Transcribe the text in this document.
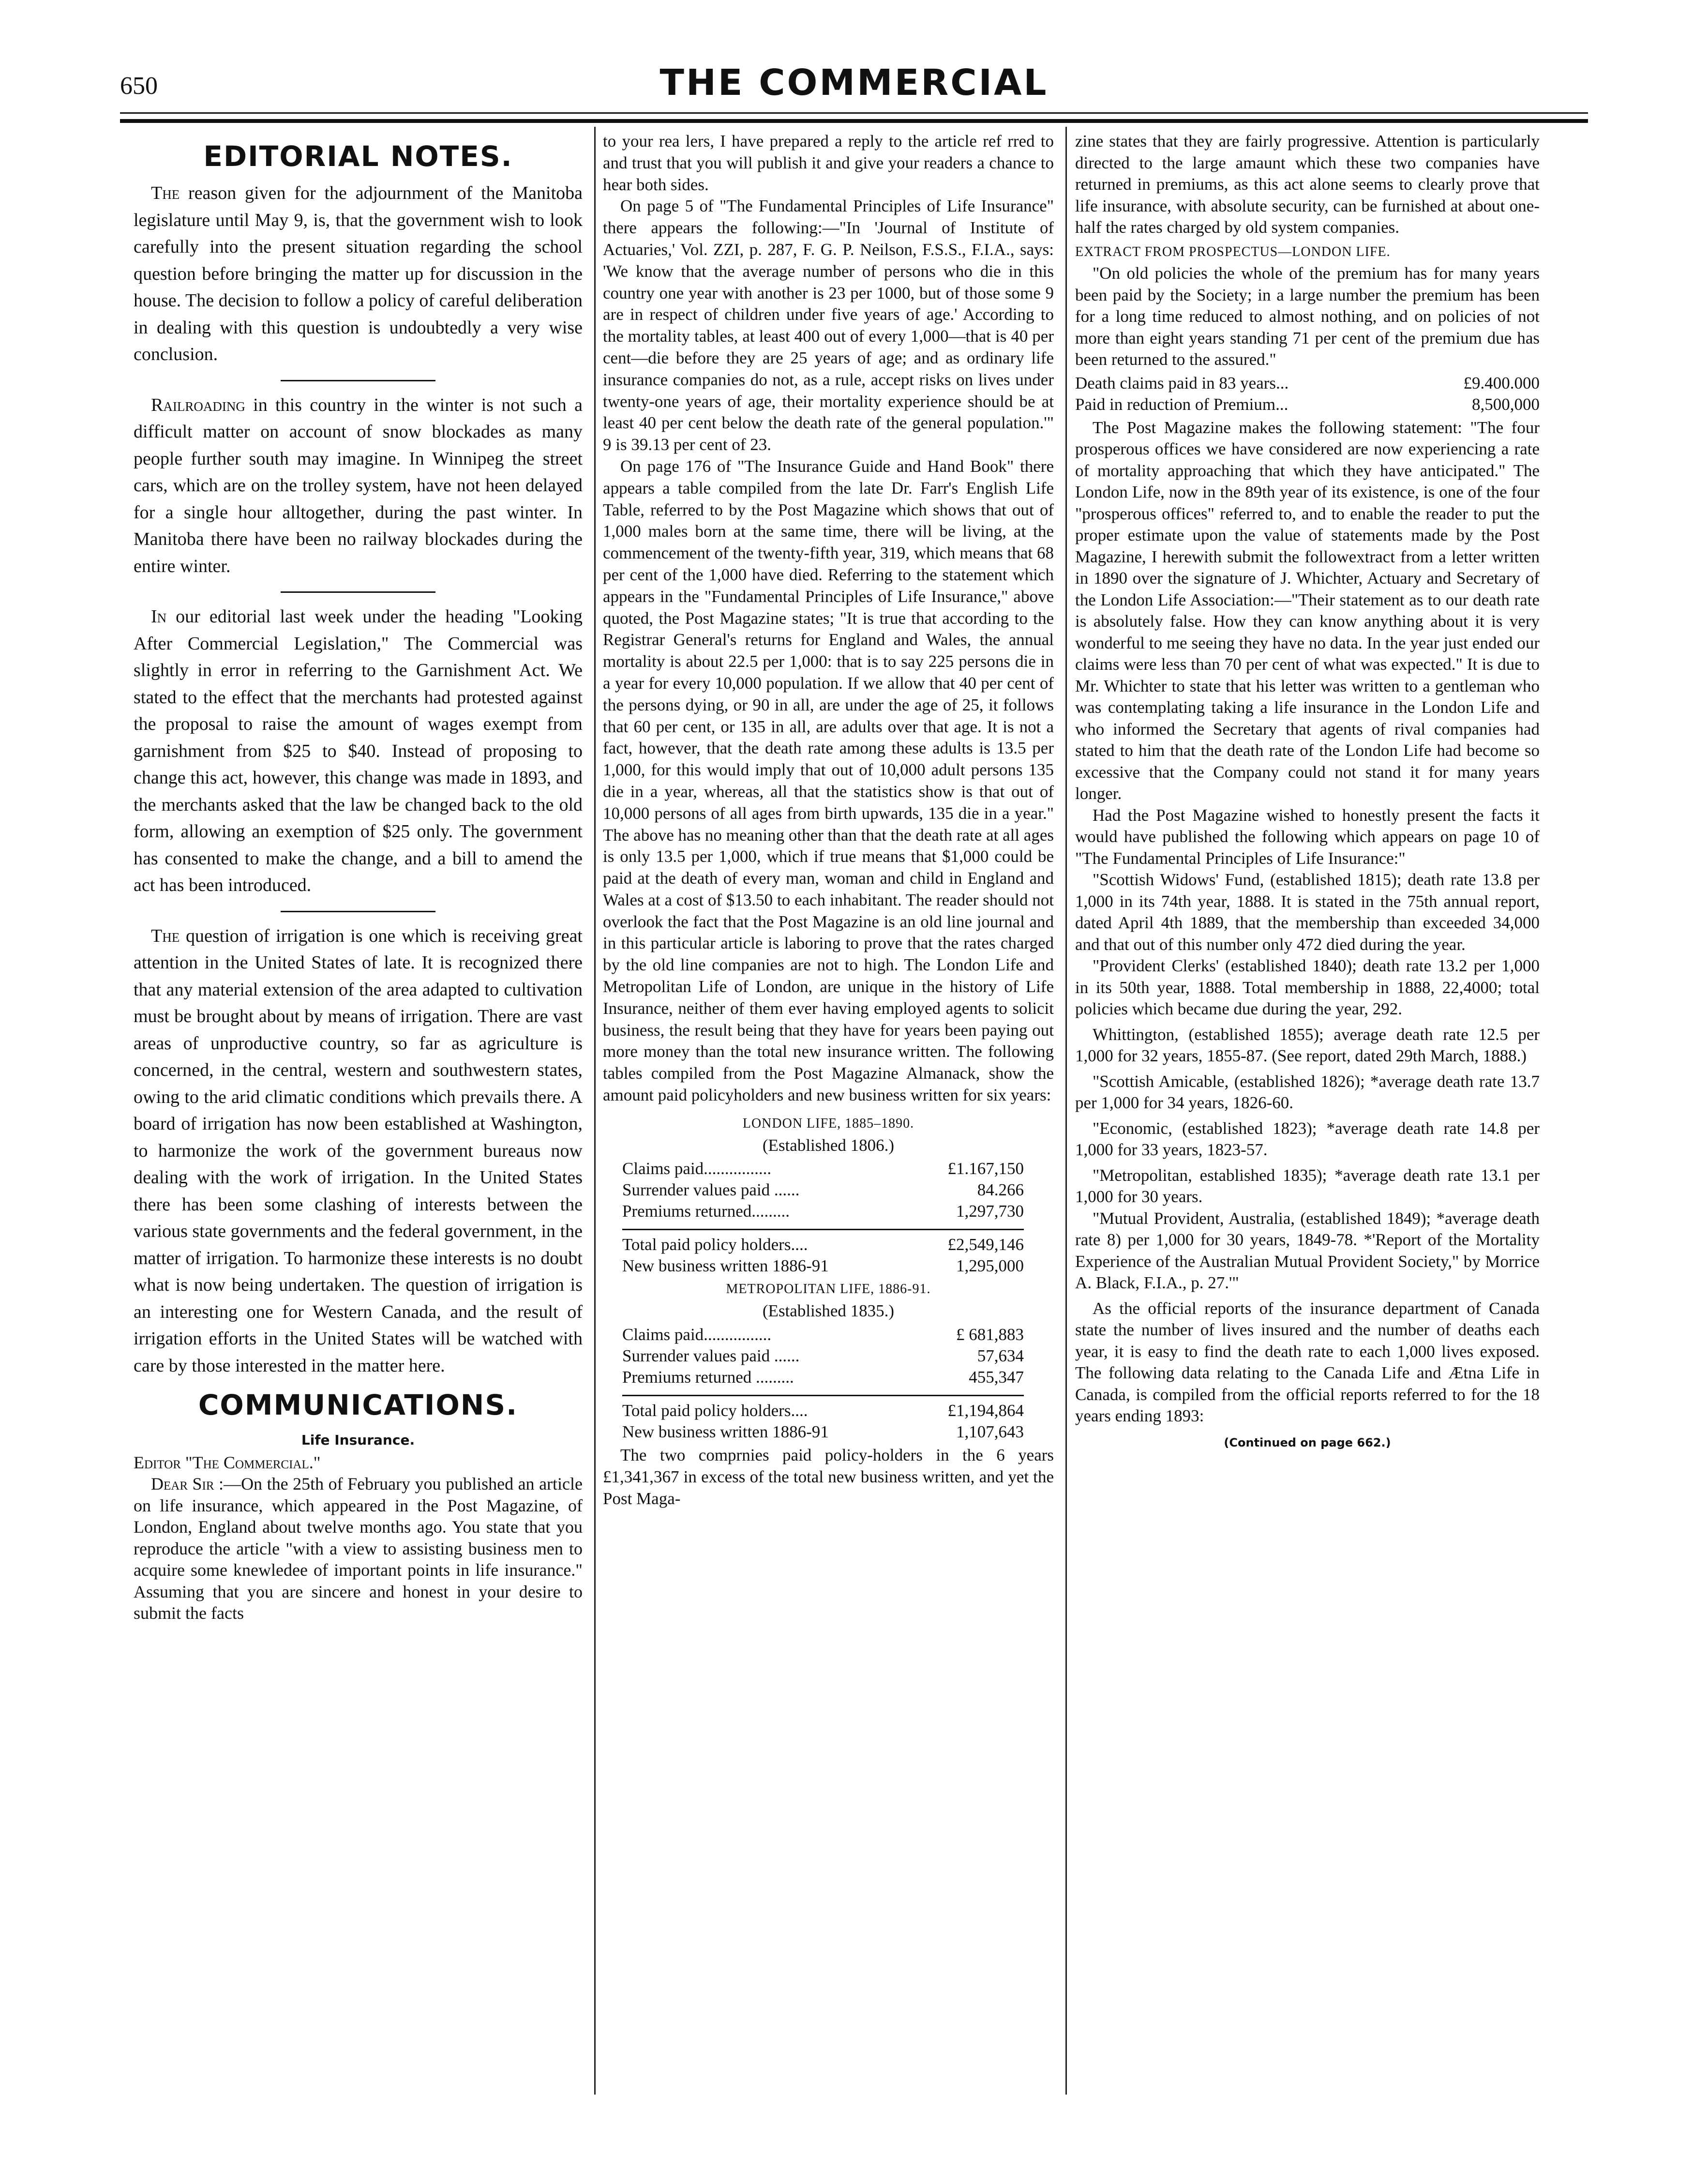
650	THE COMMERCIAL
EDITORIAL NOTES.

The reason given for the adjournment of the Manitoba legislature until May 9, is, that the government wish to look carefully into the present situation regarding the school question before bringing the matter up for discussion in the house. The decision to follow a policy of careful deliberation in dealing with this question is undoubtedly a very wise conclusion.

Railroading in this country in the winter is not such a difficult matter on account of snow blockades as many people further south may imagine. In Winnipeg the street cars, which are on the trolley system, have not heen delayed for a single hour alltogether, during the past winter. In Manitoba there have been no railway blockades during the entire winter.

In our editorial last week under the heading "Looking After Commercial Legislation," The Commercial was slightly in error in referring to the Garnishment Act. We stated to the effect that the merchants had protested against the proposal to raise the amount of wages exempt from garnishment from $25 to $40. Instead of proposing to change this act, however, this change was made in 1893, and the merchants asked that the law be changed back to the old form, allowing an exemption of $25 only. The government has consented to make the change, and a bill to amend the act has been introduced.

The question of irrigation is one which is receiving great attention in the United States of late. It is recognized there that any material extension of the area adapted to cultivation must be brought about by means of irrigation. There are vast areas of unproductive country, so far as agriculture is concerned, in the central, western and southwestern states, owing to the arid climatic conditions which prevails there. A board of irrigation has now been established at Washington, to harmonize the work of the government bureaus now dealing with the work of irrigation. In the United States there has been some clashing of interests between the various state governments and the federal government, in the matter of irrigation. To harmonize these interests is no doubt what is now being undertaken. The question of irrigation is an interesting one for Western Canada, and the result of irrigation efforts in the United States will be watched with care by those interested in the matter here.

COMMUNICATIONS.
Life Insurance.

Editor "The Commercial."

Dear Sir :—On the 25th of February you published an article on life insurance, which appeared in the Post Magazine, of London, England about twelve months ago. You state that you reproduce the article "with a view to assisting business men to acquire some knewledee of important points in life insurance." Assuming that you are sincere and honest in your desire to submit the facts

to your rea lers, I have prepared a reply to the article ref rred to and trust that you will publish it and give your readers a chance to hear both sides.

On page 5 of "The Fundamental Principles of Life Insurance" there appears the following:—"In 'Journal of Institute of Actuaries,' Vol. ZZI, p. 287, F. G. P. Neilson, F.S.S., F.I.A., says: 'We know that the average number of persons who die in this country one year with another is 23 per 1000, but of those some 9 are in respect of children under five years of age.' According to the mortality tables, at least 400 out of every 1,000—that is 40 per cent—die before they are 25 years of age; and as ordinary life insurance companies do not, as a rule, accept risks on lives under twenty-one years of age, their mortality experience should be at least 40 per cent below the death rate of the general population.'" 9 is 39.13 per cent of 23.

On page 176 of "The Insurance Guide and Hand Book" there appears a table compiled from the late Dr. Farr's English Life Table, referred to by the Post Magazine which shows that out of 1,000 males born at the same time, there will be living, at the commencement of the twenty-fifth year, 319, which means that 68 per cent of the 1,000 have died. Referring to the statement which appears in the "Fundamental Principles of Life Insurance," above quoted, the Post Magazine states; "It is true that according to the Registrar General's returns for England and Wales, the annual mortality is about 22.5 per 1,000: that is to say 225 persons die in a year for every 10,000 population. If we allow that 40 per cent of the persons dying, or 90 in all, are under the age of 25, it follows that 60 per cent, or 135 in all, are adults over that age. It is not a fact, however, that the death rate among these adults is 13.5 per 1,000, for this would imply that out of 10,000 adult persons 135 die in a year, whereas, all that the statistics show is that out of 10,000 persons of all ages from birth upwards, 135 die in a year." The above has no meaning other than that the death rate at all ages is only 13.5 per 1,000, which if true means that $1,000 could be paid at the death of every man, woman and child in England and Wales at a cost of $13.50 to each inhabitant. The reader should not overlook the fact that the Post Magazine is an old line journal and in this particular article is laboring to prove that the rates charged by the old line companies are not to high. The London Life and Metropolitan Life of London, are unique in the history of Life Insurance, neither of them ever having employed agents to solicit business, the result being that they have for years been paying out more money than the total new insurance written. The following tables compiled from the Post Magazine Almanack, show the amount paid policyholders and new business written for six years:

LONDON LIFE, 1885–1890.
(Established 1806.)
Claims paid................	£1.167,150
Surrender values paid ......	84.266
Premiums returned.........	1,297,730

Total paid policy holders....	£2,549,146
New business written 1886-91	1,295,000
METROPOLITAN LIFE, 1886-91.
(Established 1835.)
Claims paid................	£ 681,883
Surrender values paid ......	57,634
Premiums returned .........	455,347

Total paid policy holders....	£1,194,864
New business written 1886-91	1,107,643

The two comprnies paid policy-holders in the 6 years £1,341,367 in excess of the total new business written, and yet the Post Maga-

zine states that they are fairly progressive. Attention is particularly directed to the large amaunt which these two companies have returned in premiums, as this act alone seems to clearly prove that life insurance, with absolute security, can be furnished at about one-half the rates charged by old system companies.

EXTRACT FROM PROSPECTUS—LONDON LIFE.

"On old policies the whole of the premium has for many years been paid by the Society; in a large number the premium has been for a long time reduced to almost nothing, and on policies of not more than eight years standing 71 per cent of the premium due has been returned to the assured."

Death claims paid in 83 years...	£9.400.000
Paid in reduction of Premium...	8,500,000

The Post Magazine makes the following statement: "The four prosperous offices we have considered are now experiencing a rate of mortality approaching that which they have anticipated." The London Life, now in the 89th year of its existence, is one of the four "prosperous offices" referred to, and to enable the reader to put the proper estimate upon the value of statements made by the Post Magazine, I herewith submit the followextract from a letter written in 1890 over the signature of J. Whichter, Actuary and Secretary of the London Life Association:—"Their statement as to our death rate is absolutely false. How they can know anything about it is very wonderful to me seeing they have no data. In the year just ended our claims were less than 70 per cent of what was expected." It is due to Mr. Whichter to state that his letter was written to a gentleman who was contemplating taking a life insurance in the London Life and who informed the Secretary that agents of rival companies had stated to him that the death rate of the London Life had become so excessive that the Company could not stand it for many years longer.

Had the Post Magazine wished to honestly present the facts it would have published the following which appears on page 10 of "The Fundamental Principles of Life Insurance:"

"Scottish Widows' Fund, (established 1815); death rate 13.8 per 1,000 in its 74th year, 1888. It is stated in the 75th annual report, dated April 4th 1889, that the membership than exceeded 34,000 and that out of this number only 472 died during the year.

"Provident Clerks' (established 1840); death rate 13.2 per 1,000 in its 50th year, 1888. Total membership in 1888, 22,4000; total policies which became due during the year, 292.

Whittington, (established 1855); average death rate 12.5 per 1,000 for 32 years, 1855-87. (See report, dated 29th March, 1888.)

"Scottish Amicable, (established 1826); *average death rate 13.7 per 1,000 for 34 years, 1826-60.

"Economic, (established 1823); *average death rate 14.8 per 1,000 for 33 years, 1823-57.

"Metropolitan, established 1835); *average death rate 13.1 per 1,000 for 30 years.

"Mutual Provident, Australia, (established 1849); *average death rate 8) per 1,000 for 30 years, 1849-78. *'Report of the Mortality Experience of the Australian Mutual Provident Society," by Morrice A. Black, F.I.A., p. 27.'"

As the official reports of the insurance department of Canada state the number of lives insured and the number of deaths each year, it is easy to find the death rate to each 1,000 lives exposed. The following data relating to the Canada Life and Ætna Life in Canada, is compiled from the official reports referred to for the 18 years ending 1893:

(Continued on page 662.)
